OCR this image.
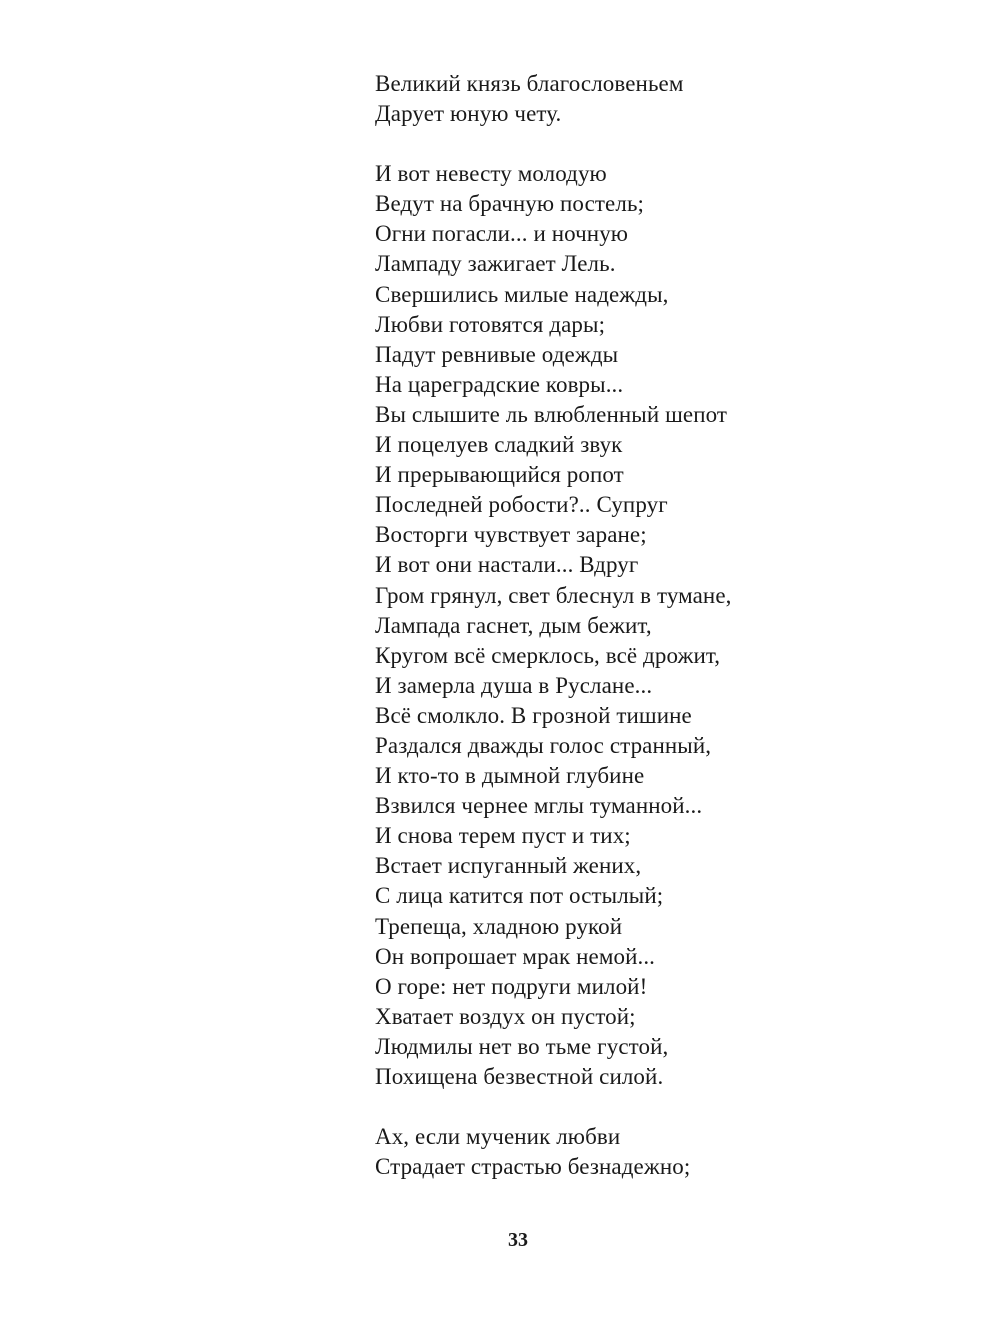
Великий князь благословеньем
Дарует юную чету.
И вот невесту молодую
Ведут на брачную постель;
Огни погасли... и ночную
Лампаду зажигает Лель.
Свершились милые надежды,
Любви готовятся дары;
Падут ревнивые одежды
На цареградские ковры...
Вы слышите ль влюбленный шепот
И поцелуев сладкий звук
И прерывающийся ропот
Последней робости?.. Супруг
Восторги чувствует заране;
И вот они настали... Вдруг
Гром грянул, свет блеснул в тумане,
Лампада гаснет, дым бежит,
Кругом всё смерклось, всё дрожит,
И замерла душа в Руслане...
Всё смолкло. В грозной тишине
Раздался дважды голос странный,
И кто-то в дымной глубине
Взвился чернее мглы туманной...
И снова терем пуст и тих;
Встает испуганный жених,
С лица катится пот остылый;
Трепеща, хладною рукой
Он вопрошает мрак немой...
О горе: нет подруги милой!
Хватает воздух он пустой;
Людмилы нет во тьме густой,
Похищена безвестной силой.
Ах, если мученик любви
Страдает страстью безнадежно;
33
